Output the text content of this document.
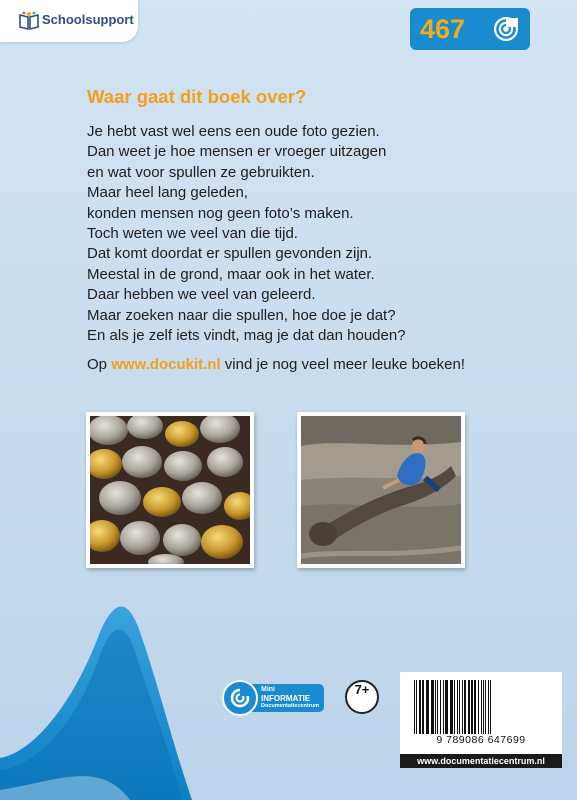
Schoolsupport	467
Waar gaat dit boek over?
Je hebt vast wel eens een oude foto gezien.
Dan weet je hoe mensen er vroeger uitzagen
en wat voor spullen ze gebruikten.
Maar heel lang geleden,
konden mensen nog geen foto’s maken.
Toch weten we veel van die tijd.
Dat komt doordat er spullen gevonden zijn.
Meestal in de grond, maar ook in het water.
Daar hebben we veel van geleerd.
Maar zoeken naar die spullen, hoe doe je dat?
En als je zelf iets vindt, mag je dat dan houden?
Op www.docukit.nl vind je nog veel meer leuke boeken!
Mini
INFORMATIE
Documentatiecentrum
7+
9 789086 647699
www.documentatiecentrum.nl
